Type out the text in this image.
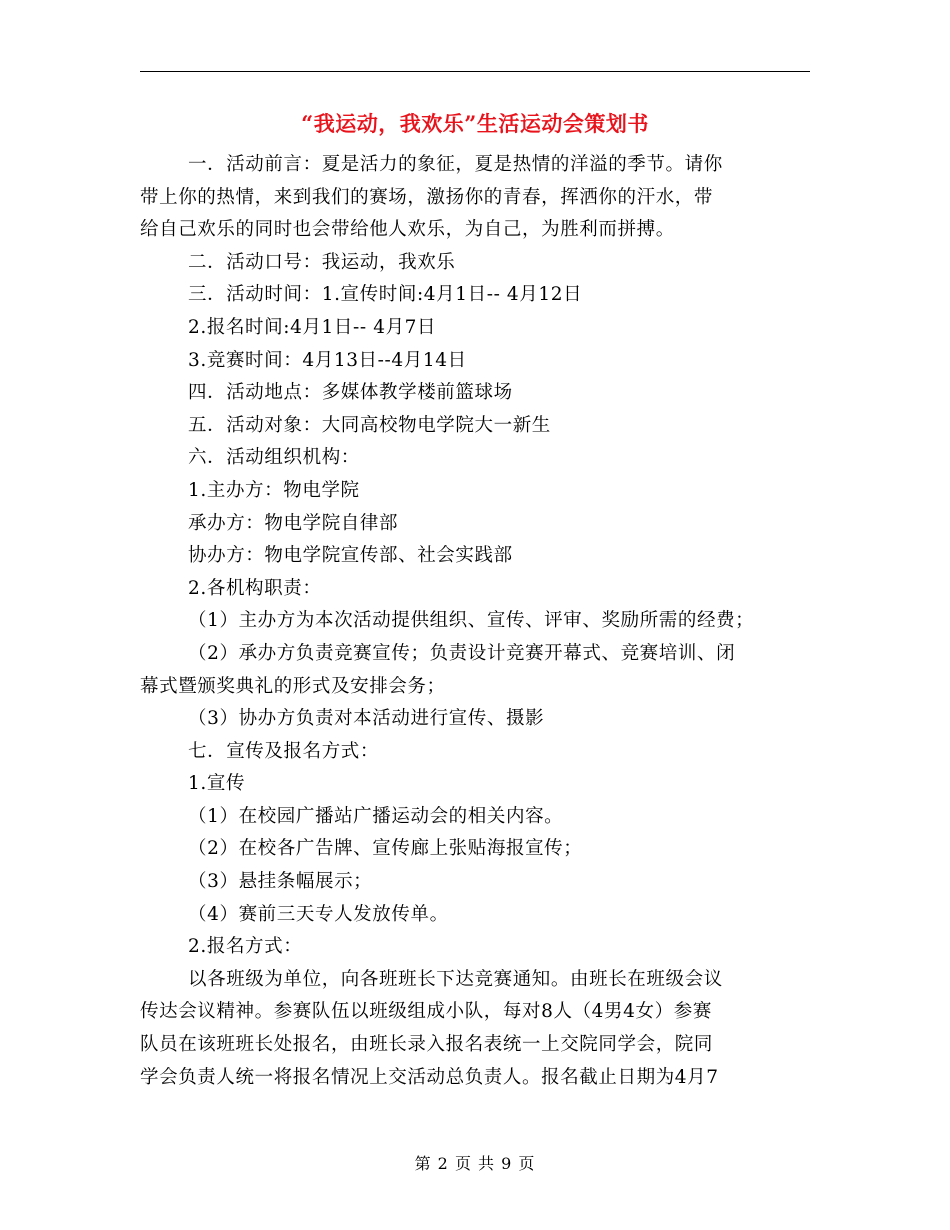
“我运动，我欢乐”生活运动会策划书
一．活动前言：夏是活力的象征，夏是热情的洋溢的季节。请你
带上你的热情，来到我们的赛场，激扬你的青春，挥洒你的汗水，带
给自己欢乐的同时也会带给他人欢乐，为自己，为胜利而拼搏。
二．活动口号：我运动，我欢乐
三．活动时间：1.宣传时间:4月1日-- 4月12日
2.报名时间:4月1日-- 4月7日
3.竞赛时间：4月13日--4月14日
四．活动地点：多媒体教学楼前篮球场
五．活动对象：大同高校物电学院大一新生
六．活动组织机构：
1.主办方：物电学院
承办方：物电学院自律部
协办方：物电学院宣传部、社会实践部
2.各机构职责：
（1）主办方为本次活动提供组织、宣传、评审、奖励所需的经费；
（2）承办方负责竞赛宣传；负责设计竞赛开幕式、竞赛培训、闭
幕式暨颁奖典礼的形式及安排会务；
（3）协办方负责对本活动进行宣传、摄影
七．宣传及报名方式：
1.宣传
（1）在校园广播站广播运动会的相关内容。
（2）在校各广告牌、宣传廊上张贴海报宣传；
（3）悬挂条幅展示；
（4）赛前三天专人发放传单。
2.报名方式：
以各班级为单位，向各班班长下达竞赛通知。由班长在班级会议
传达会议精神。参赛队伍以班级组成小队，每对8人（4男4女）参赛
队员在该班班长处报名，由班长录入报名表统一上交院同学会，院同
学会负责人统一将报名情况上交活动总负责人。报名截止日期为4月7
第 2 页 共 9 页
